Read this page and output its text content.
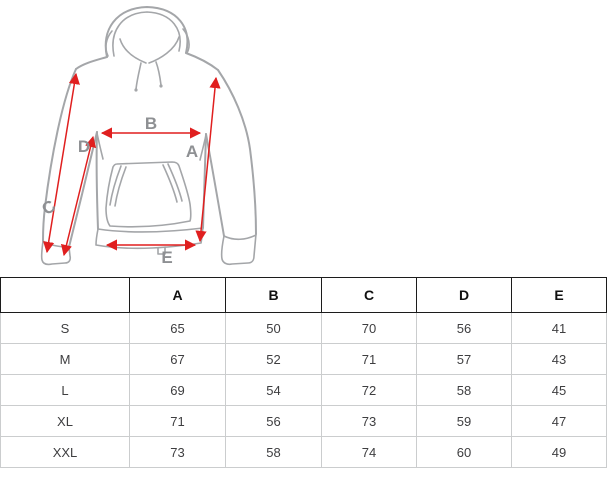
B
A
D
C
E
	A	B	C	D	E
S	65	50	70	56	41
M	67	52	71	57	43
L	69	54	72	58	45
XL	71	56	73	59	47
XXL	73	58	74	60	49
